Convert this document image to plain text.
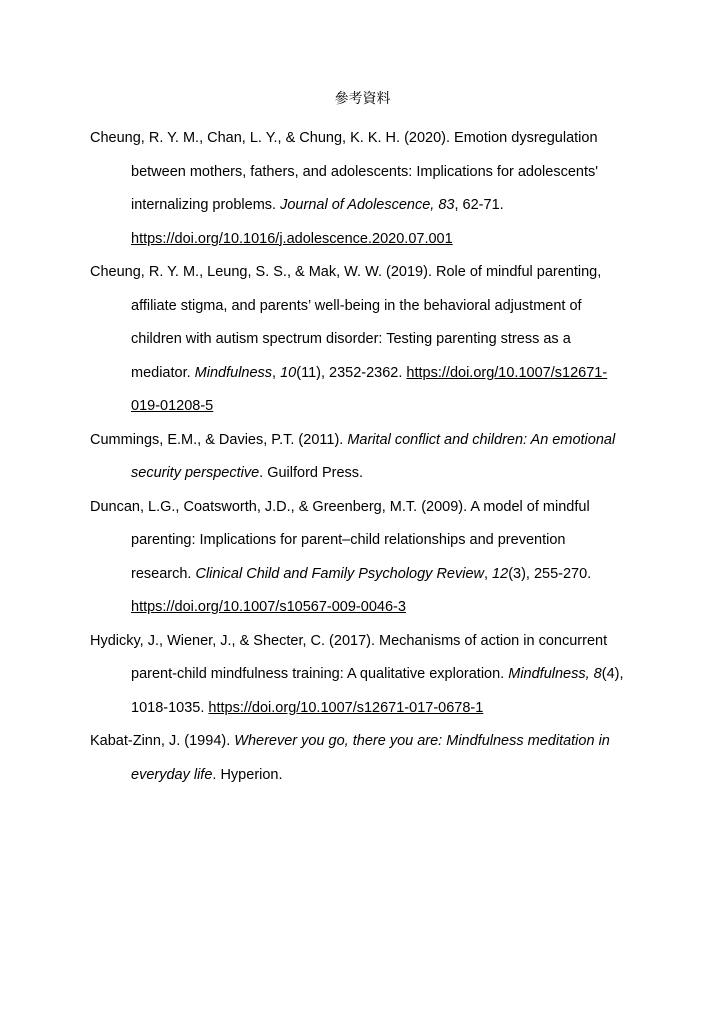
參考資料

Cheung, R. Y. M., Chan, L. Y., & Chung, K. K. H. (2020). Emotion dysregulation
between mothers, fathers, and adolescents: Implications for adolescents'
internalizing problems. Journal of Adolescence, 83, 62-71.
https://doi.org/10.1016/j.adolescence.2020.07.001

Cheung, R. Y. M., Leung, S. S., & Mak, W. W. (2019). Role of mindful parenting,
affiliate stigma, and parents’ well-being in the behavioral adjustment of
children with autism spectrum disorder: Testing parenting stress as a
mediator. Mindfulness, 10(11), 2352-2362. https://doi.org/10.1007/s12671-
019-01208-5

Cummings, E.M., & Davies, P.T. (2011). Marital conflict and children: An emotional
security perspective. Guilford Press.

Duncan, L.G., Coatsworth, J.D., & Greenberg, M.T. (2009). A model of mindful
parenting: Implications for parent–child relationships and prevention
research. Clinical Child and Family Psychology Review, 12(3), 255-270.
https://doi.org/10.1007/s10567-009-0046-3

Hydicky, J., Wiener, J., & Shecter, C. (2017). Mechanisms of action in concurrent
parent-child mindfulness training: A qualitative exploration. Mindfulness, 8(4),
1018-1035. https://doi.org/10.1007/s12671-017-0678-1

Kabat-Zinn, J. (1994). Wherever you go, there you are: Mindfulness meditation in
everyday life. Hyperion.
